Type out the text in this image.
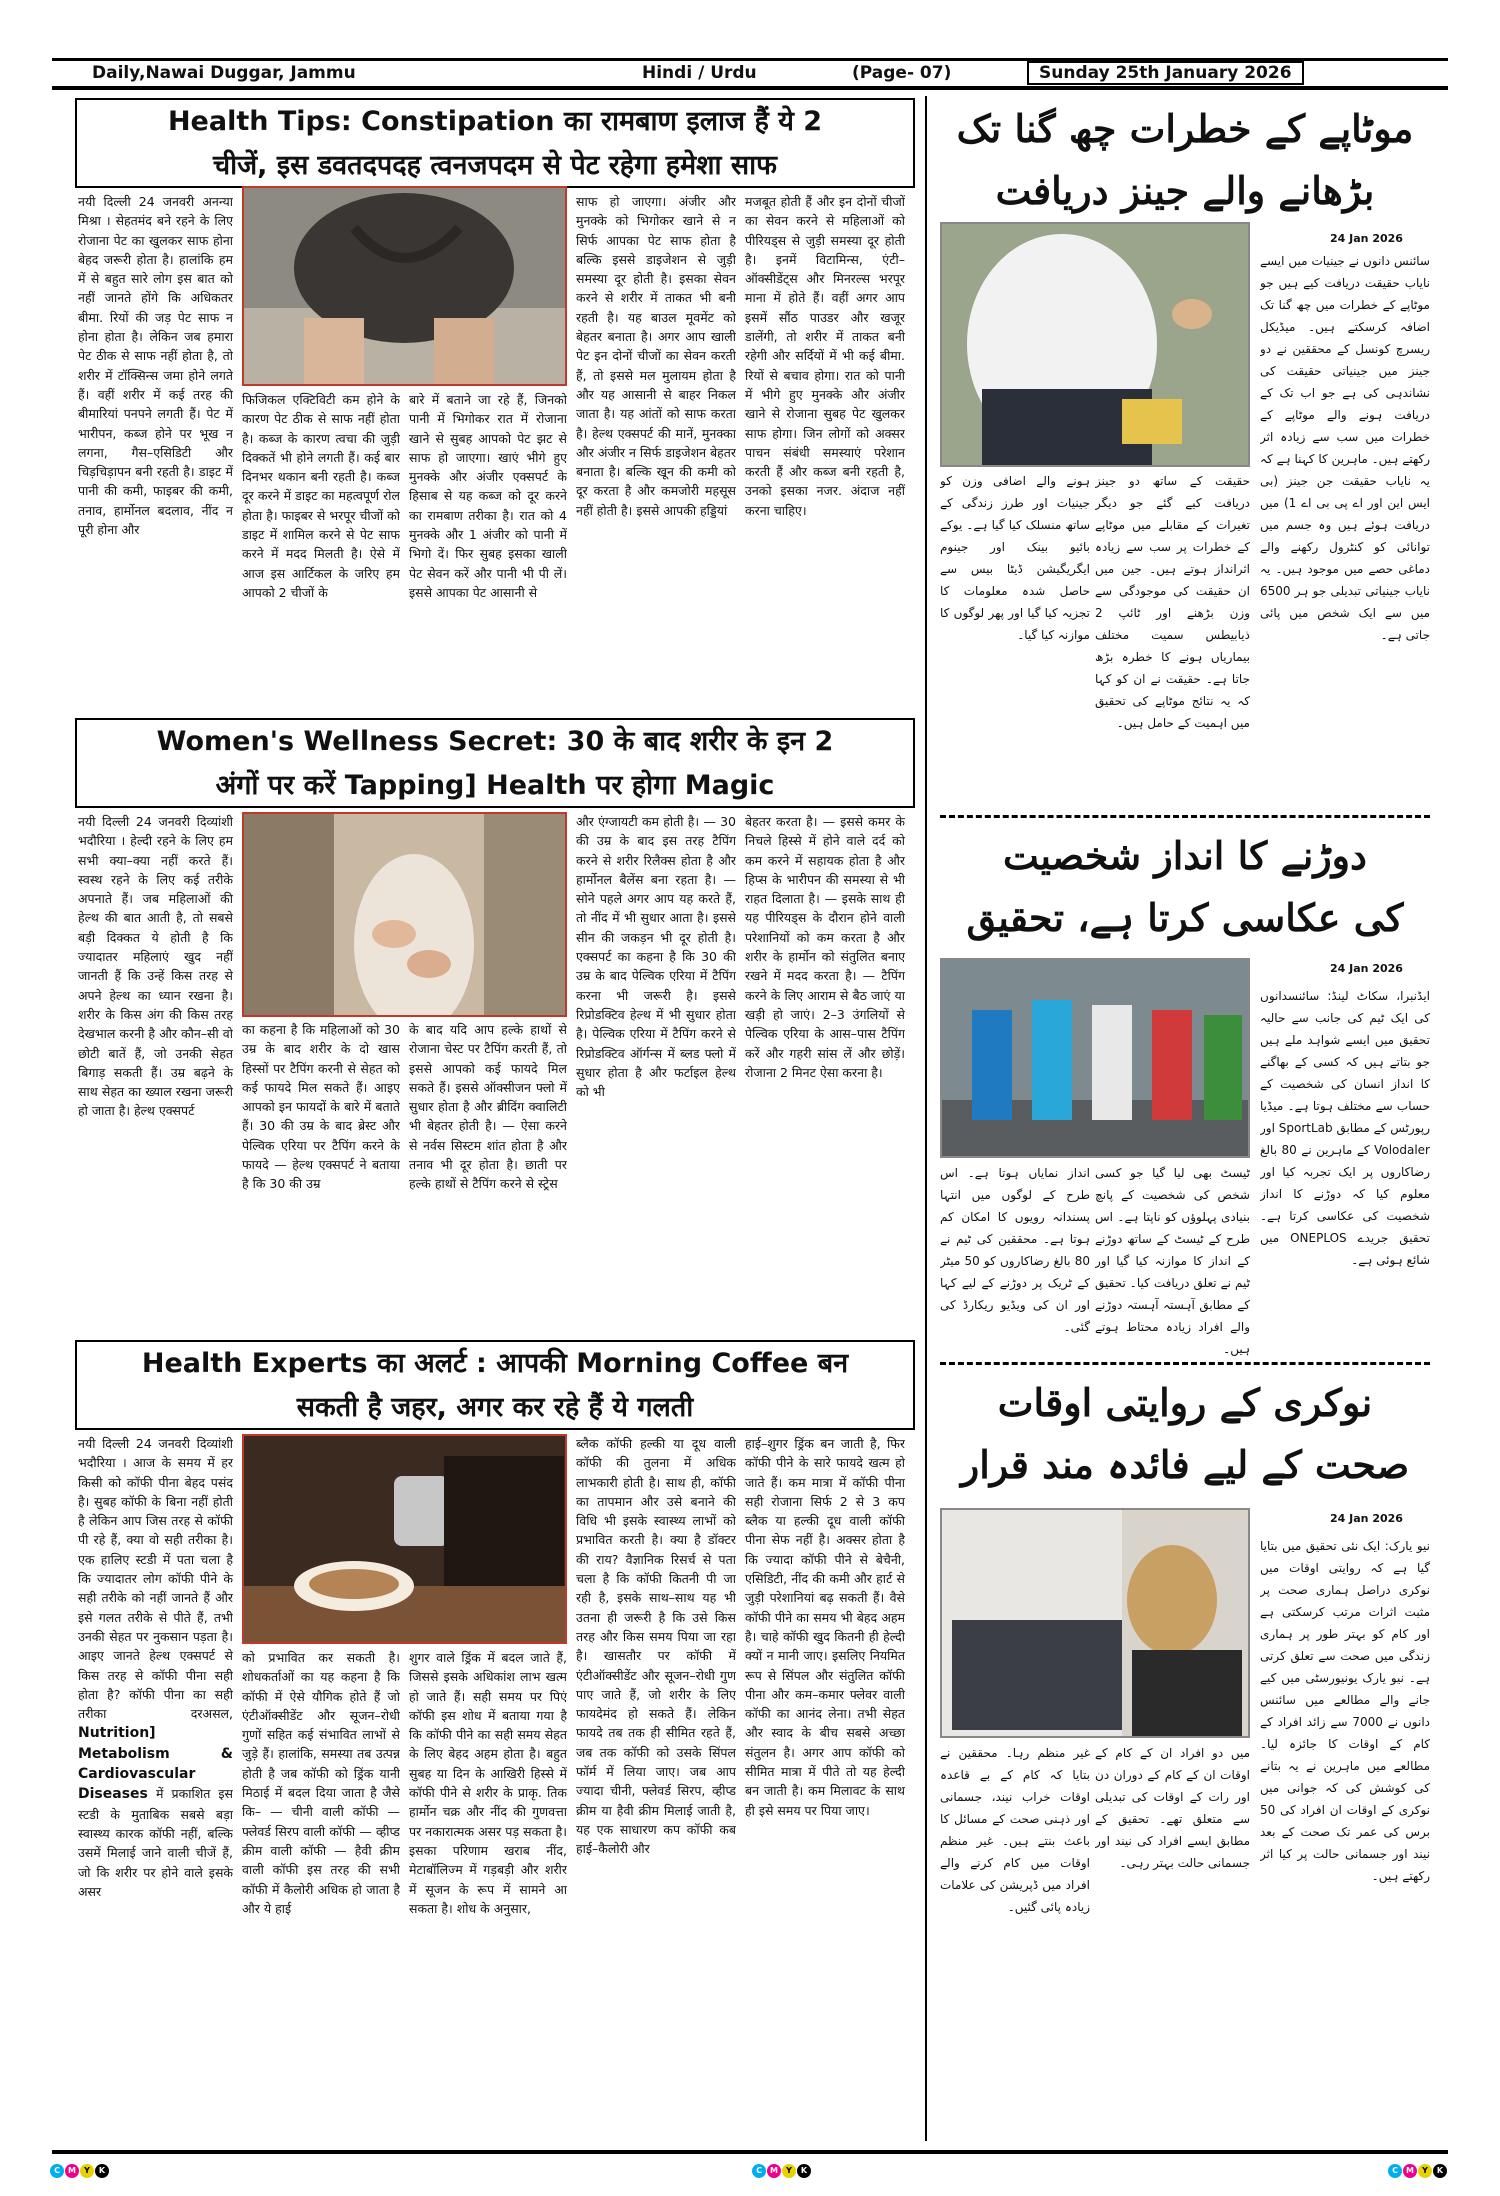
Daily,Nawai Duggar, Jammu	Hindi / Urdu	(Page- 07)	Sunday 25th January 2026
Health Tips: Constipation का रामबाण इलाज हैं ये 2
चीजें, इस डवतदपदह त्वनजपदम से पेट रहेगा हमेशा साफ
नयी दिल्ली 24 जनवरी अनन्या मिश्रा । सेहतमंद बने रहने के लिए रोजाना पेट का खुलकर साफ होना बेहद जरूरी होता है। हालांकि हम में से बहुत सारे लोग इस बात को नहीं जानते होंगे कि अधिकतर बीमा. रियों की जड़ पेट साफ न होना होता है। लेकिन जब हमारा पेट ठीक से साफ नहीं होता है, तो शरीर में टॉक्सिन्स जमा होने लगते हैं। वहीं शरीर में कई तरह की बीमारियां पनपने लगती हैं। पेट में भारीपन, कब्ज होने पर भूख न लगना, गैस–एसिडिटी और चिड़चिड़ापन बनी रहती है। डाइट में पानी की कमी, फाइबर की कमी, तनाव, हार्मोनल बदलाव, नींद न पूरी होना और
फिजिकल एक्टिविटी कम होने के कारण पेट ठीक से साफ नहीं होता है। कब्ज के कारण त्वचा की जुड़ी दिक्कतें भी होने लगती हैं। कई बार दिनभर थकान बनी रहती है। कब्ज दूर करने में डाइट का महत्वपूर्ण रोल होता है। फाइबर से भरपूर चीजों को डाइट में शामिल करने से पेट साफ करने में मदद मिलती है। ऐसे में आज इस आर्टिकल के जरिए हम आपको 2 चीजों के
बारे में बताने जा रहे हैं, जिनको पानी में भिगोकर रात में रोजाना खाने से सुबह आपको पेट झट से साफ हो जाएगा। खाएं भीगे हुए मुनक्के और अंजीर एक्सपर्ट के हिसाब से यह कब्ज को दूर करने का रामबाण तरीका है। रात को 4 मुनक्के और 1 अंजीर को पानी में भिगो दें। फिर सुबह इसका खाली पेट सेवन करें और पानी भी पी लें। इससे आपका पेट आसानी से
साफ हो जाएगा। अंजीर और मुनक्के को भिगोकर खाने से न सिर्फ आपका पेट साफ होता है बल्कि इससे डाइजेशन से जुड़ी समस्या दूर होती है। इसका सेवन करने से शरीर में ताकत भी बनी रहती है। यह बाउल मूवमेंट को बेहतर बनाता है। अगर आप खाली पेट इन दोनों चीजों का सेवन करती हैं, तो इससे मल मुलायम होता है और यह आसानी से बाहर निकल जाता है। यह आंतों को साफ करता है। हेल्थ एक्सपर्ट की मानें, मुनक्का और अंजीर न सिर्फ डाइजेशन बेहतर बनाता है। बल्कि खून की कमी को दूर करता है और कमजोरी महसूस नहीं होती है। इससे आपकी हड्डियां
मजबूत होती हैं और इन दोनों चीजों का सेवन करने से महिलाओं को पीरियड्स से जुड़ी समस्या दूर होती है। इनमें विटामिन्स, एंटी–ऑक्सीडेंट्स और मिनरल्स भरपूर माना में होते हैं। वहीं अगर आप इसमें सौंठ पाउडर और खजूर डालेंगी, तो शरीर में ताकत बनी रहेगी और सर्दियों में भी कई बीमा. रियों से बचाव होगा। रात को पानी में भीगे हुए मुनक्के और अंजीर खाने से रोजाना सुबह पेट खुलकर साफ होगा। जिन लोगों को अक्सर पाचन संबंधी समस्याएं परेशान करती हैं और कब्ज बनी रहती है, उनको इसका नजर. अंदाज नहीं करना चाहिए।
Women's Wellness Secret: 30 के बाद शरीर के इन 2
अंगों पर करें Tapping] Health पर होगा Magic
नयी दिल्ली 24 जनवरी दिव्यांशी भदौरिया । हेल्दी रहने के लिए हम सभी क्या–क्या नहीं करते हैं। स्वस्थ रहने के लिए कई तरीके अपनाते हैं। जब महिलाओं की हेल्थ की बात आती है, तो सबसे बड़ी दिक्कत ये होती है कि ज्यादातर महिलाएं खुद नहीं जानती हैं कि उन्हें किस तरह से अपने हेल्थ का ध्यान रखना है। शरीर के किस अंग की किस तरह देखभाल करनी है और कौन–सी वो छोटी बातें हैं, जो उनकी सेहत बिगाड़ सकती हैं। उम्र बढ़ने के साथ सेहत का ख्याल रखना जरूरी हो जाता है। हेल्थ एक्सपर्ट
का कहना है कि महिलाओं को 30 उम्र के बाद शरीर के दो खास हिस्सों पर टैपिंग करनी से सेहत को कई फायदे मिल सकते हैं। आइए आपको इन फायदों के बारे में बताते हैं। 30 की उम्र के बाद ब्रेस्ट और पेल्विक एरिया पर टैपिंग करने के फायदे — हेल्थ एक्सपर्ट ने बताया है कि 30 की उम्र
के बाद यदि आप हल्के हाथों से रोजाना चेस्ट पर टैपिंग करती हैं, तो इससे आपको कई फायदे मिल सकते हैं। इससे ऑक्सीजन फ्लो में सुधार होता है और ब्रीदिंग क्वालिटी भी बेहतर होती है। — ऐसा करने से नर्वस सिस्टम शांत होता है और तनाव भी दूर होता है। छाती पर हल्के हाथों से टैपिंग करने से स्ट्रेस
और एंग्जायटी कम होती है। — 30 की उम्र के बाद इस तरह टैपिंग करने से शरीर रिलैक्स होता है और हार्मोनल बैलेंस बना रहता है। — सोने पहले अगर आप यह करते हैं, तो नींद में भी सुधार आता है। इससे सीन की जकड़न भी दूर होती है। एक्सपर्ट का कहना है कि 30 की उम्र के बाद पेल्विक एरिया में टैपिंग करना भी जरूरी है। इससे रिप्रोडक्टिव हेल्थ में भी सुधार होता है। पेल्विक एरिया में टैपिंग करने से रिप्रोडक्टिव ऑर्गन्स में ब्लड फ्लो में सुधार होता है और फर्टाइल हेल्थ को भी
बेहतर करता है। — इससे कमर के निचले हिस्से में होने वाले दर्द को कम करने में सहायक होता है और हिप्स के भारीपन की समस्या से भी राहत दिलाता है। — इसके साथ ही यह पीरियड्स के दौरान होने वाली परेशानियों को कम करता है और शरीर के हार्मोन को संतुलित बनाए रखने में मदद करता है। — टैपिंग करने के लिए आराम से बैठ जाएं या खड़ी हो जाएं। 2–3 उंगलियों से पेल्विक एरिया के आस–पास टैपिंग करें और गहरी सांस लें और छोड़ें। रोजाना 2 मिनट ऐसा करना है।
Health Experts का अलर्ट : आपकी Morning Coffee बन
सकती है जहर, अगर कर रहे हैं ये गलती
नयी दिल्ली 24 जनवरी दिव्यांशी भदौरिया । आज के समय में हर किसी को कॉफी पीना बेहद पसंद है। सुबह कॉफी के बिना नहीं होती है लेकिन आप जिस तरह से कॉफी पी रहे हैं, क्या वो सही तरीका है। एक हालिए स्टडी में पता चला है कि ज्यादातर लोग कॉफी पीने के सही तरीके को नहीं जानते हैं और इसे गलत तरीके से पीते हैं, तभी उनकी सेहत पर नुकसान पड़ता है। आइए जानते हेल्थ एक्सपर्ट से किस तरह से कॉफी पीना सही होता है? कॉफी पीना का सही तरीका दरअसल, Nutrition] Metabolism & Cardiovascular Diseases में प्रकाशित इस स्टडी के मुताबिक सबसे बड़ा स्वास्थ्य कारक कॉफी नहीं, बल्कि उसमें मिलाई जाने वाली चीजें हैं, जो कि शरीर पर होने वाले इसके असर
को प्रभावित कर सकती है। शोधकर्ताओं का यह कहना है कि कॉफी में ऐसे यौगिक होते हैं जो एंटीऑक्सीडेंट और सूजन–रोधी गुणों सहित कई संभावित लाभों से जुड़े हैं। हालांकि, समस्या तब उत्पन्न होती है जब कॉफी को ड्रिंक यानी मिठाई में बदल दिया जाता है जैसे कि– — चीनी वाली कॉफी — फ्लेवर्ड सिरप वाली कॉफी — व्हीप्ड क्रीम वाली कॉफी — हैवी क्रीम वाली कॉफी इस तरह की सभी कॉफी में कैलोरी अधिक हो जाता है और ये हाई
शुगर वाले ड्रिंक में बदल जाते हैं, जिससे इसके अधिकांश लाभ खत्म हो जाते हैं। सही समय पर पिएं कॉफी इस शोध में बताया गया है कि कॉफी पीने का सही समय सेहत के लिए बेहद अहम होता है। बहुत सुबह या दिन के आखिरी हिस्से में कॉफी पीने से शरीर के प्राकृ. तिक हार्मोन चक्र और नींद की गुणवत्ता पर नकारात्मक असर पड़ सकता है। इसका परिणाम खराब नींद, मेटाबॉलिज्म में गड़बड़ी और शरीर में सूजन के रूप में सामने आ सकता है। शोध के अनुसार,
ब्लैक कॉफी हल्की या दूध वाली कॉफी की तुलना में अधिक लाभकारी होती है। साथ ही, कॉफी का तापमान और उसे बनाने की विधि भी इसके स्वास्थ्य लाभों को प्रभावित करती है। क्या है डॉक्टर की राय? वैज्ञानिक रिसर्च से पता चला है कि कॉफी कितनी पी जा रही है, इसके साथ–साथ यह भी उतना ही जरूरी है कि उसे किस तरह और किस समय पिया जा रहा है। खासतौर पर कॉफी में एंटीऑक्सीडेंट और सूजन–रोधी गुण पाए जाते हैं, जो शरीर के लिए फायदेमंद हो सकते हैं। लेकिन फायदे तब तक ही सीमित रहते हैं, जब तक कॉफी को उसके सिंपल फॉर्म में लिया जाए। जब आप ज्यादा चीनी, फ्लेवर्ड सिरप, व्हीप्ड क्रीम या हैवी क्रीम मिलाई जाती है, यह एक साधारण कप कॉफी कब हाई–कैलोरी और
हाई–शुगर ड्रिंक बन जाती है, फिर कॉफी पीने के सारे फायदे खत्म हो जाते हैं। कम मात्रा में कॉफी पीना सही रोजाना सिर्फ 2 से 3 कप ब्लैक या हल्की दूध वाली कॉफी पीना सेफ नहीं है। अक्सर होता है कि ज्यादा कॉफी पीने से बेचैनी, एसिडिटी, नींद की कमी और हार्ट से जुड़ी परेशानियां बढ़ सकती हैं। वैसे कॉफी पीने का समय भी बेहद अहम है। चाहे कॉफी खुद कितनी ही हेल्दी क्यों न मानी जाए। इसलिए नियमित रूप से सिंपल और संतुलित कॉफी पीना और कम–कमार फ्लेवर वाली कॉफी का आनंद लेना। तभी सेहत और स्वाद के बीच सबसे अच्छा संतुलन है। अगर आप कॉफी को सीमित मात्रा में पीते तो यह हेल्दी बन जाती है। कम मिलावट के साथ ही इसे समय पर पिया जाए।
موٹاپے کے خطرات چھ گنا تک
بڑھانے والے جینز دریافت
24 Jan 2026
سائنس دانوں نے جینیات میں ایسے نایاب حقیقت دریافت کیے ہیں جو موٹاپے کے خطرات میں چھ گنا تک اضافہ کرسکتے ہیں۔ میڈیکل ریسرچ کونسل کے محققین نے دو جینز میں جینیاتی حقیقت کی نشاندہی کی ہے جو اب تک کے دریافت ہونے والے موٹاپے کے خطرات میں سب سے زیادہ اثر رکھتے ہیں۔ ماہرین کا کہنا ہے کہ یہ نایاب حقیقت جن جینز (بی ایس این اور اے پی بی اے 1) میں دریافت ہوئے ہیں وہ جسم میں توانائی کو کنٹرول رکھنے والے دماغی حصے میں موجود ہیں۔ یہ نایاب جینیاتی تبدیلی جو ہر 6500 میں سے ایک شخص میں پائی جاتی ہے۔
حقیقت کے ساتھ دو جینز دریافت کیے گئے جو دیگر تغیرات کے مقابلے میں موٹاپے کے خطرات پر سب سے زیادہ اثرانداز ہوتے ہیں۔ جین میں ان حقیقت کی موجودگی سے وزن بڑھنے اور ٹائپ 2 ذیابیطس سمیت مختلف بیماریاں ہونے کا خطرہ بڑھ جاتا ہے۔ حقیقت نے ان کو کہا کہ یہ نتائج موٹاپے کی تحقیق میں اہمیت کے حامل ہیں۔
ہونے والے اضافی وزن کو جینیات اور طرز زندگی کے ساتھ منسلک کیا گیا ہے۔ یوکے بائیو بینک اور جینوم ایگریگیشن ڈیٹا بیس سے حاصل شدہ معلومات کا تجزیہ کیا گیا اور پھر لوگوں کا موازنہ کیا گیا۔
دوڑنے کا انداز شخصیت
کی عکاسی کرتا ہے، تحقیق
24 Jan 2026
ایڈنبرا، سکاٹ لینڈ: سائنسدانوں کی ایک ٹیم کی جانب سے حالیہ تحقیق میں ایسے شواہد ملے ہیں جو بتاتے ہیں کہ کسی کے بھاگنے کا انداز انسان کی شخصیت کے حساب سے مختلف ہوتا ہے۔ میڈیا رپورٹس کے مطابق SportLab اور Volodaler کے ماہرین نے 80 بالغ رضاکاروں پر ایک تجربہ کیا اور معلوم کیا کہ دوڑنے کا انداز شخصیت کی عکاسی کرتا ہے۔ تحقیق جریدے ONEPLOS میں شائع ہوئی ہے۔
ٹیسٹ بھی لیا گیا جو کسی شخص کی شخصیت کے پانچ بنیادی پہلوؤں کو ناپتا ہے۔ اس طرح کے ٹیسٹ کے ساتھ دوڑنے کے انداز کا موازنہ کیا گیا اور ٹیم نے تعلق دریافت کیا۔ تحقیق کے مطابق آہستہ آہستہ دوڑنے والے افراد زیادہ محتاط ہوتے ہیں۔
انداز نمایاں ہوتا ہے۔ اس طرح کے لوگوں میں انتہا پسندانہ رویوں کا امکان کم ہوتا ہے۔ محققین کی ٹیم نے 80 بالغ رضاکاروں کو 50 میٹر کے ٹریک پر دوڑنے کے لیے کہا اور ان کی ویڈیو ریکارڈ کی گئی۔
نوکری کے روایتی اوقات
صحت کے لیے فائدہ مند قرار
24 Jan 2026
نیو یارک: ایک نئی تحقیق میں بتایا گیا ہے کہ روایتی اوقات میں نوکری دراصل ہماری صحت پر مثبت اثرات مرتب کرسکتی ہے اور کام کو بہتر طور پر ہماری زندگی میں صحت سے تعلق کرتی ہے۔ نیو یارک یونیورسٹی میں کیے جانے والے مطالعے میں سائنس دانوں نے 7000 سے زائد افراد کے کام کے اوقات کا جائزہ لیا۔ مطالعے میں ماہرین نے یہ بتانے کی کوشش کی کہ جوانی میں نوکری کے اوقات ان افراد کی 50 برس کی عمر تک صحت کے بعد نیند اور جسمانی حالت پر کیا اثر رکھتے ہیں۔
میں دو افراد ان کے کام کے اوقات ان کے کام کے دوران دن اور رات کے اوقات کی تبدیلی سے متعلق تھے۔ تحقیق کے مطابق ایسے افراد کی نیند اور جسمانی حالت بہتر رہی۔
غیر منظم رہا۔ محققین نے بتایا کہ کام کے بے قاعدہ اوقات خراب نیند، جسمانی اور ذہنی صحت کے مسائل کا باعث بنتے ہیں۔ غیر منظم اوقات میں کام کرنے والے افراد میں ڈپریشن کی علامات زیادہ پائی گئیں۔
C M Y K	C M Y K	C M Y K
